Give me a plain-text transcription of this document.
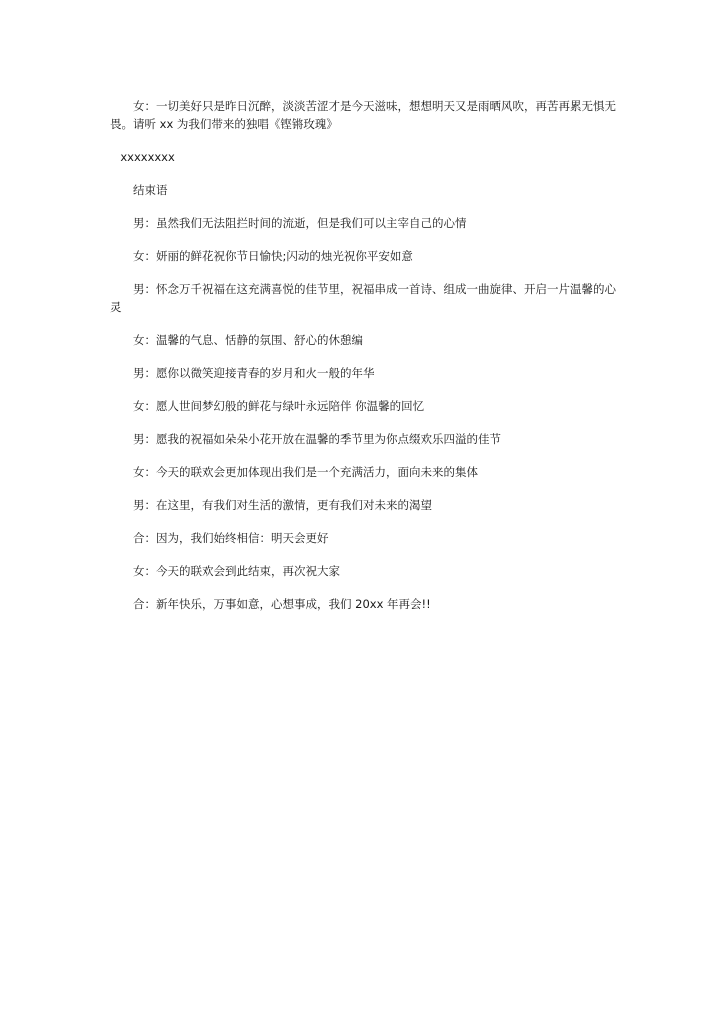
女：一切美好只是昨日沉醉，淡淡苦涩才是今天滋味，想想明天又是雨晒风吹，再苦再累无惧无畏。请听 xx 为我们带来的独唱《铿锵玫瑰》

xxxxxxxx

结束语

男：虽然我们无法阻拦时间的流逝，但是我们可以主宰自己的心情

女：妍丽的鲜花祝你节日愉快;闪动的烛光祝你平安如意

男：怀念万千祝福在这充满喜悦的佳节里，祝福串成一首诗、组成一曲旋律、开启一片温馨的心灵

女：温馨的气息、恬静的氛围、舒心的休憩编

男：愿你以微笑迎接青春的岁月和火一般的年华

女：愿人世间梦幻般的鲜花与绿叶永远陪伴 你温馨的回忆

男：愿我的祝福如朵朵小花开放在温馨的季节里为你点缀欢乐四溢的佳节

女：今天的联欢会更加体现出我们是一个充满活力，面向未来的集体

男：在这里，有我们对生活的激情，更有我们对未来的渴望

合：因为，我们始终相信：明天会更好

女：今天的联欢会到此结束，再次祝大家

合：新年快乐，万事如意，心想事成，我们 20xx 年再会!!
